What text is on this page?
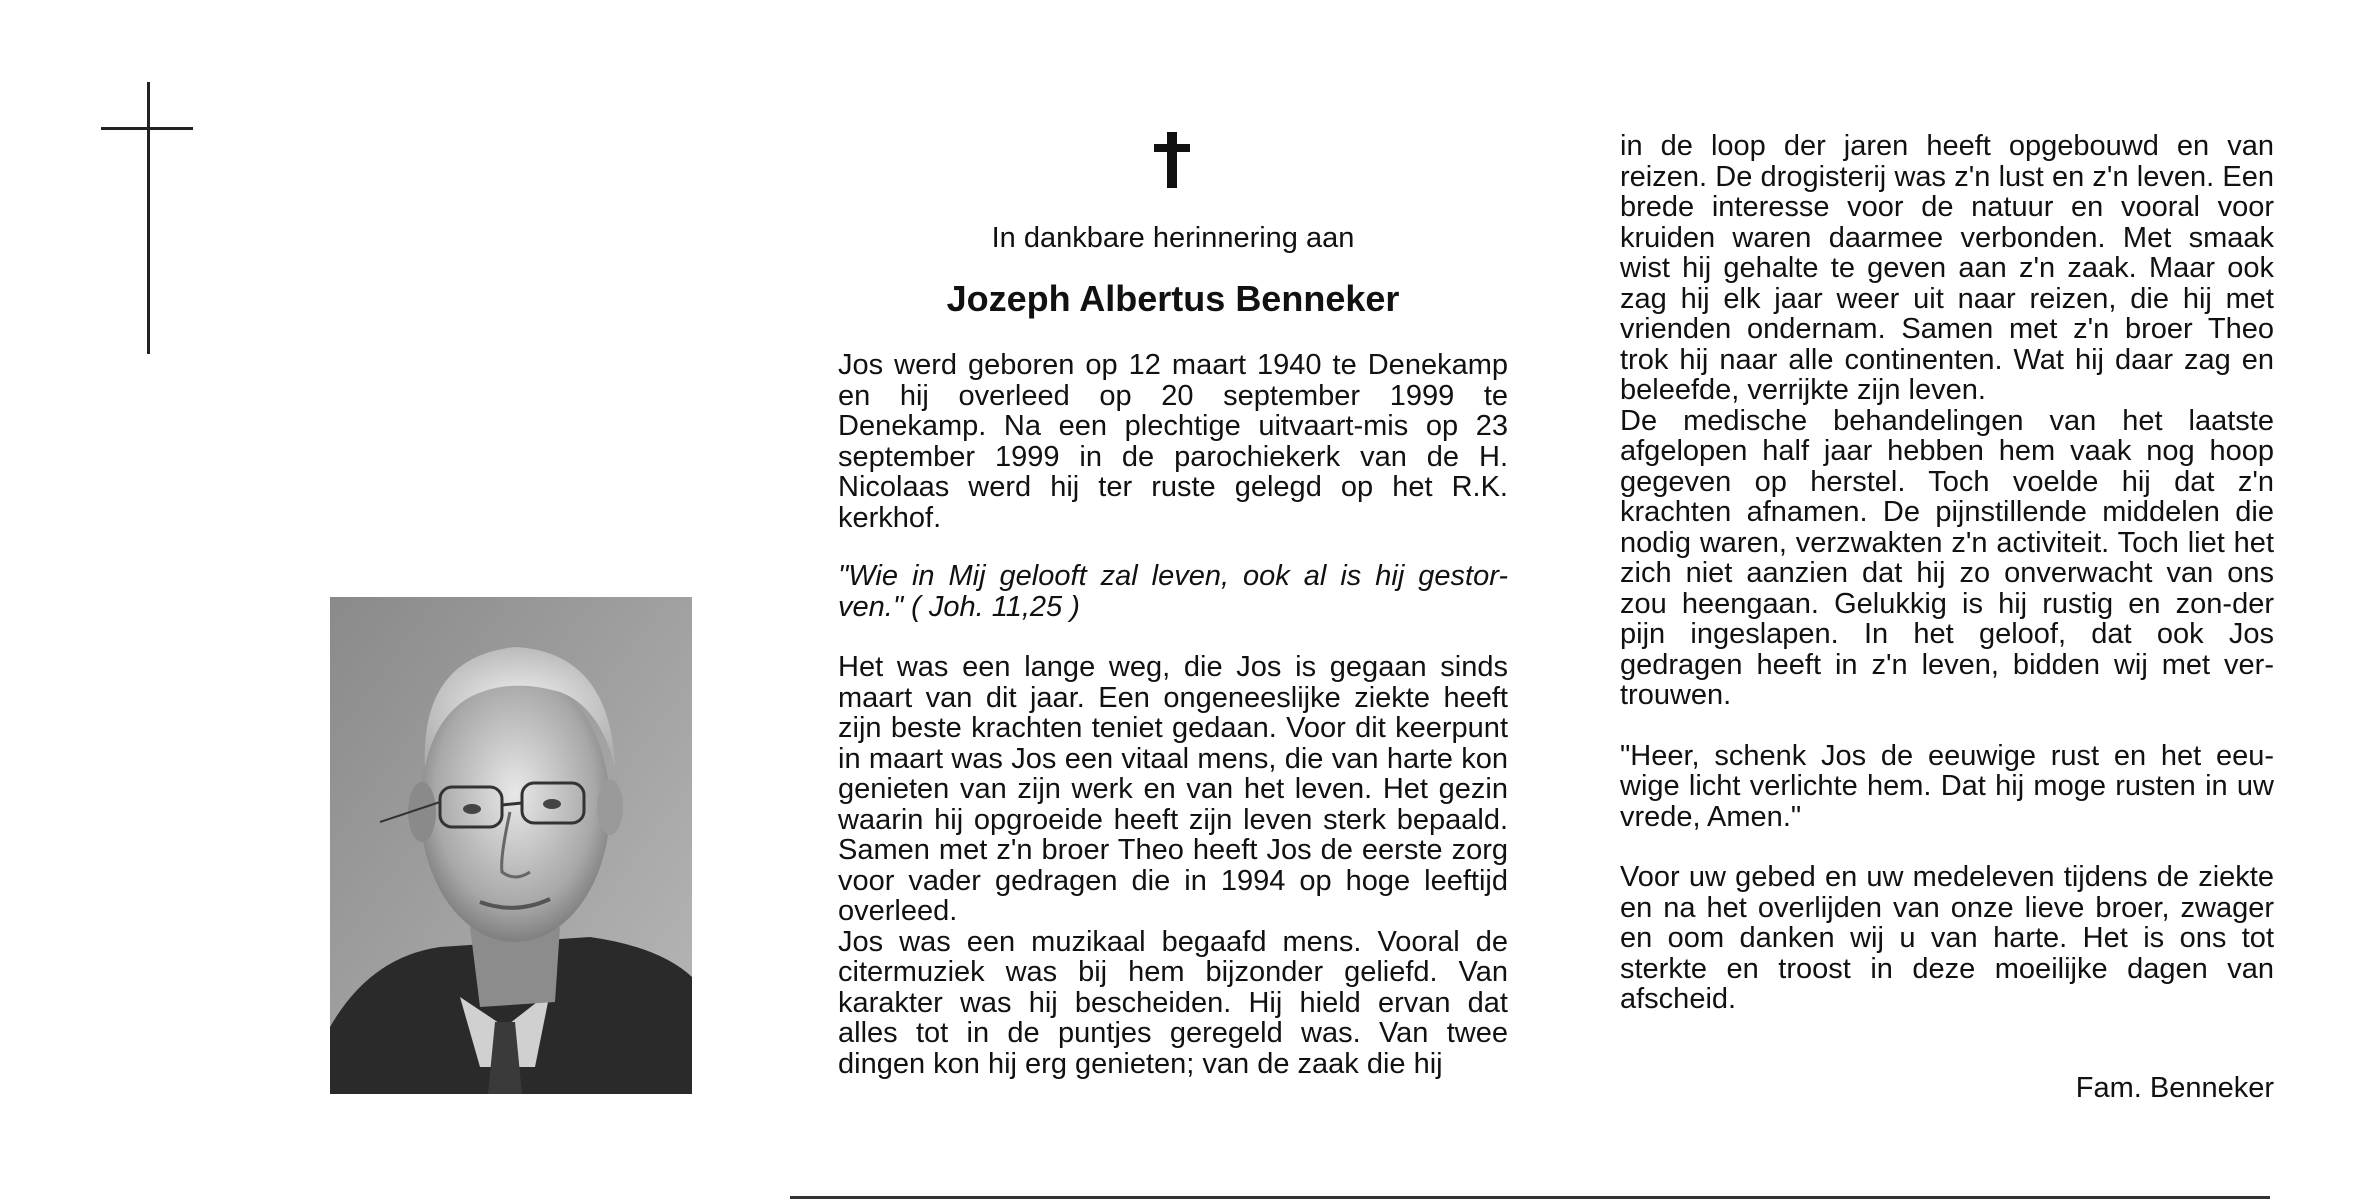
In dankbare herinnering aan
Jozeph Albertus Benneker

Jos werd geboren op 12 maart 1940 te Denekamp en hij overleed op 20 september 1999 te Denekamp. Na een plechtige uitvaart-mis op 23 september 1999 in de parochiekerk van de H. Nicolaas werd hij ter ruste gelegd op het R.K. kerkhof.

"Wie in Mij gelooft zal leven, ook al is hij gestor-ven." ( Joh. 11,25 )

Het was een lange weg, die Jos is gegaan sinds maart van dit jaar. Een ongeneeslijke ziekte heeft zijn beste krachten teniet gedaan. Voor dit keerpunt in maart was Jos een vitaal mens, die van harte kon genieten van zijn werk en van het leven. Het gezin waarin hij opgroeide heeft zijn leven sterk bepaald. Samen met z'n broer Theo heeft Jos de eerste zorg voor vader gedragen die in 1994 op hoge leeftijd overleed.

Jos was een muzikaal begaafd mens. Vooral de citermuziek was bij hem bijzonder geliefd. Van karakter was hij bescheiden. Hij hield ervan dat alles tot in de puntjes geregeld was. Van twee dingen kon hij erg genieten; van de zaak die hij

in de loop der jaren heeft opgebouwd en van reizen. De drogisterij was z'n lust en z'n leven. Een brede interesse voor de natuur en vooral voor kruiden waren daarmee verbonden. Met smaak wist hij gehalte te geven aan z'n zaak. Maar ook zag hij elk jaar weer uit naar reizen, die hij met vrienden ondernam. Samen met z'n broer Theo trok hij naar alle continenten. Wat hij daar zag en beleefde, verrijkte zijn leven.

De medische behandelingen van het laatste afgelopen half jaar hebben hem vaak nog hoop gegeven op herstel. Toch voelde hij dat z'n krachten afnamen. De pijnstillende middelen die nodig waren, verzwakten z'n activiteit. Toch liet het zich niet aanzien dat hij zo onverwacht van ons zou heengaan. Gelukkig is hij rustig en zon-der pijn ingeslapen. In het geloof, dat ook Jos gedragen heeft in z'n leven, bidden wij met ver-trouwen.

"Heer, schenk Jos de eeuwige rust en het eeu-wige licht verlichte hem. Dat hij moge rusten in uw vrede, Amen."

Voor uw gebed en uw medeleven tijdens de ziekte en na het overlijden van onze lieve broer, zwager en oom danken wij u van harte. Het is ons tot sterkte en troost in deze moeilijke dagen van afscheid.

Fam. Benneker
